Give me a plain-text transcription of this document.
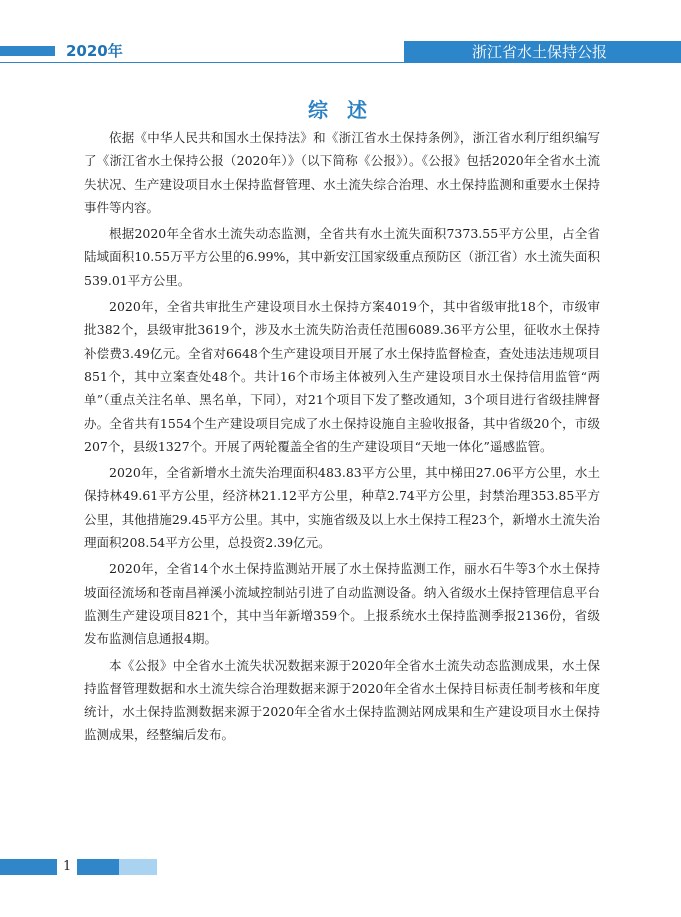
2020年	浙江省水土保持公报
综 述

依据《中华人民共和国水土保持法》和《浙江省水土保持条例》，浙江省水利厅组织编写了《浙江省水土保持公报（2020年）》（以下简称《公报》）。《公报》包括2020年全省水土流失状况、生产建设项目水土保持监督管理、水土流失综合治理、水土保持监测和重要水土保持事件等内容。

根据2020年全省水土流失动态监测，全省共有水土流失面积7373.55平方公里，占全省陆域面积10.55万平方公里的6.99%，其中新安江国家级重点预防区（浙江省）水土流失面积539.01平方公里。

2020年，全省共审批生产建设项目水土保持方案4019个，其中省级审批18个，市级审批382个，县级审批3619个，涉及水土流失防治责任范围6089.36平方公里，征收水土保持补偿费3.49亿元。全省对6648个生产建设项目开展了水土保持监督检查，查处违法违规项目851个，其中立案查处48个。共计16个市场主体被列入生产建设项目水土保持信用监管“两单”（重点关注名单、黑名单，下同），对21个项目下发了整改通知，3个项目进行省级挂牌督办。全省共有1554个生产建设项目完成了水土保持设施自主验收报备，其中省级20个，市级207个，县级1327个。开展了两轮覆盖全省的生产建设项目“天地一体化”遥感监管。

2020年，全省新增水土流失治理面积483.83平方公里，其中梯田27.06平方公里，水土保持林49.61平方公里，经济林21.12平方公里，种草2.74平方公里，封禁治理353.85平方公里，其他措施29.45平方公里。其中，实施省级及以上水土保持工程23个，新增水土流失治理面积208.54平方公里，总投资2.39亿元。

2020年，全省14个水土保持监测站开展了水土保持监测工作，丽水石牛等3个水土保持坡面径流场和苍南昌禅溪小流域控制站引进了自动监测设备。纳入省级水土保持管理信息平台监测生产建设项目821个，其中当年新增359个。上报系统水土保持监测季报2136份，省级发布监测信息通报4期。

本《公报》中全省水土流失状况数据来源于2020年全省水土流失动态监测成果，水土保持监督管理数据和水土流失综合治理数据来源于2020年全省水土保持目标责任制考核和年度统计，水土保持监测数据来源于2020年全省水土保持监测站网成果和生产建设项目水土保持监测成果，经整编后发布。

1
